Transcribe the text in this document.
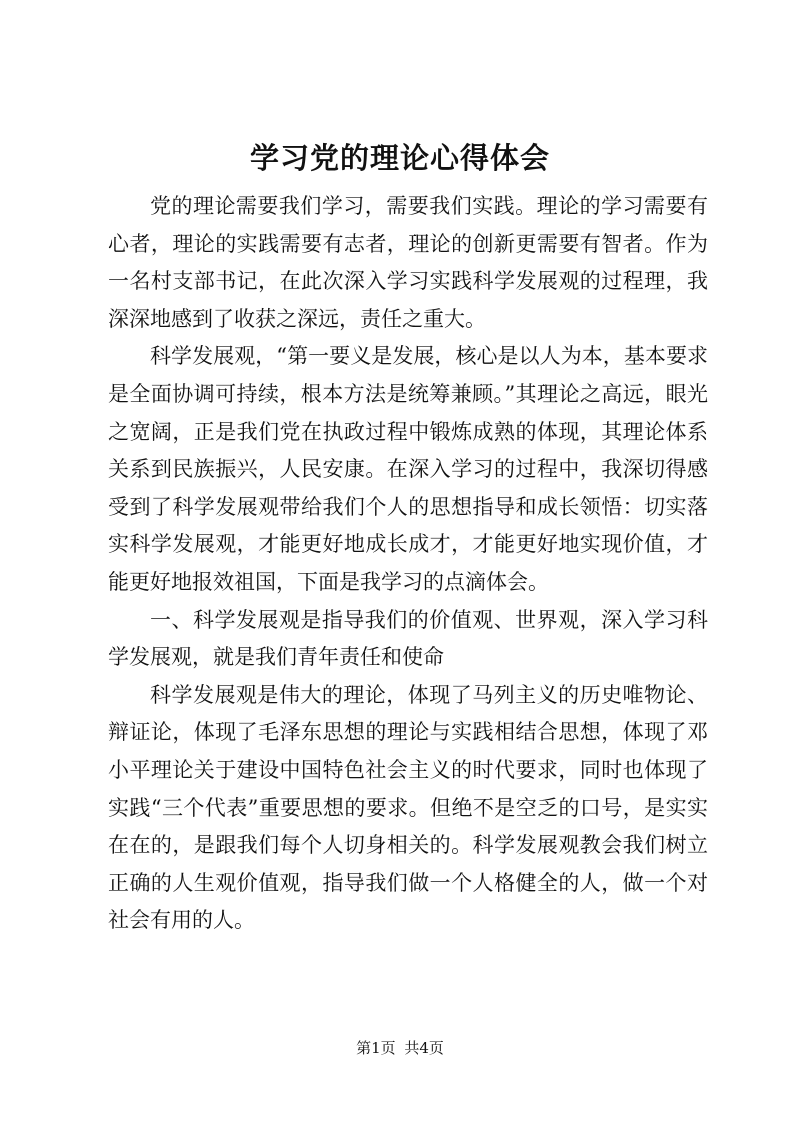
学习党的理论心得体会

党的理论需要我们学习，需要我们实践。理论的学习需要有心者，理论的实践需要有志者，理论的创新更需要有智者。作为一名村支部书记，在此次深入学习实践科学发展观的过程理，我深深地感到了收获之深远，责任之重大。

科学发展观，“第一要义是发展，核心是以人为本，基本要求是全面协调可持续，根本方法是统筹兼顾。”其理论之高远，眼光之宽阔，正是我们党在执政过程中锻炼成熟的体现，其理论体系关系到民族振兴，人民安康。在深入学习的过程中，我深切得感受到了科学发展观带给我们个人的思想指导和成长领悟：切实落实科学发展观，才能更好地成长成才，才能更好地实现价值，才能更好地报效祖国，下面是我学习的点滴体会。

一、科学发展观是指导我们的价值观、世界观，深入学习科学发展观，就是我们青年责任和使命

科学发展观是伟大的理论，体现了马列主义的历史唯物论、辩证论，体现了毛泽东思想的理论与实践相结合思想，体现了邓小平理论关于建设中国特色社会主义的时代要求，同时也体现了实践“三个代表”重要思想的要求。但绝不是空乏的口号，是实实在在的，是跟我们每个人切身相关的。科学发展观教会我们树立正确的人生观价值观，指导我们做一个人格健全的人，做一个对社会有用的人。

第1页 共4页
